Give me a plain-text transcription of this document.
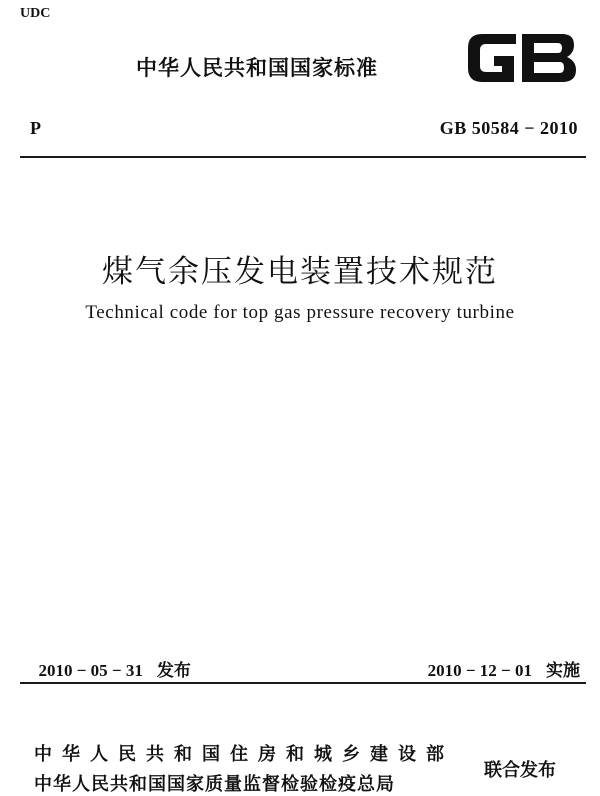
UDC
中华人民共和国国家标准
P	GB 50584 − 2010
煤气余压发电装置技术规范
Technical code for top gas pressure recovery turbine

2010 − 05 − 31 发布	2010 − 12 − 01 实施

中华人民共和国住房和城乡建设部
中华人民共和国国家质量监督检验检疫总局
联合发布
